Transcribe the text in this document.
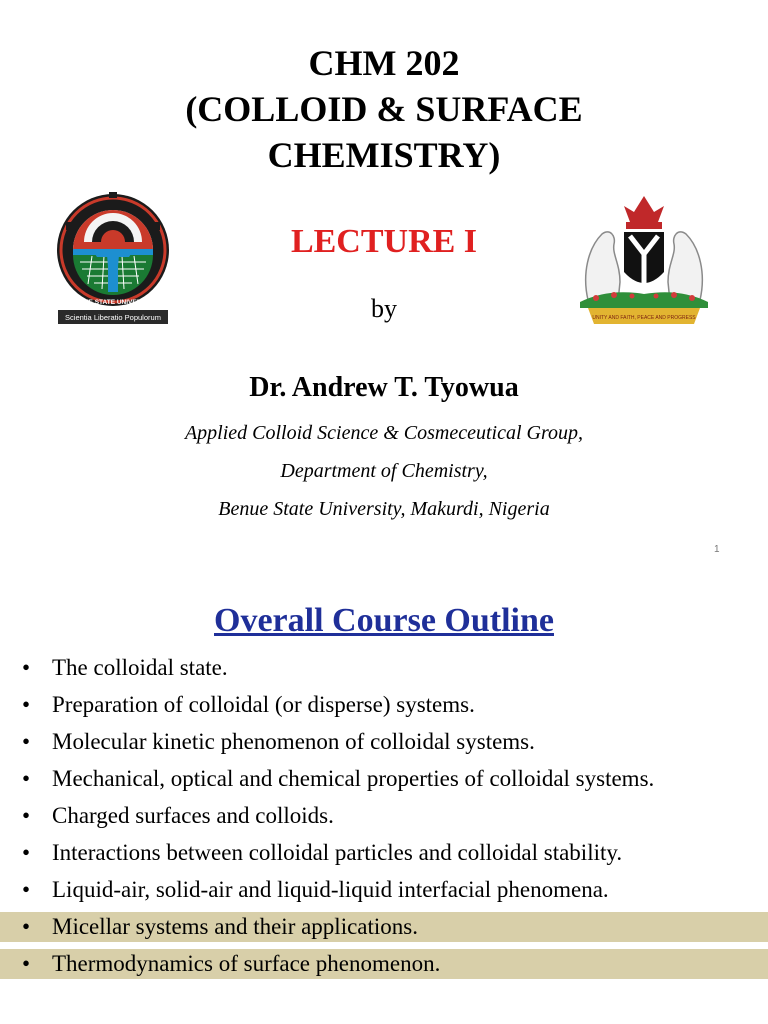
CHM 202
(COLLOID & SURFACE
CHEMISTRY)
Scientia Liberatio Populorum
BENUE STATE UNIVERSITY
UNITY AND FAITH, PEACE AND PROGRESS
LECTURE I
by
Dr. Andrew T. Tyowua
Applied Colloid Science & Cosmeceutical Group,
Department of Chemistry,
Benue State University, Makurdi, Nigeria
1
Overall Course Outline
• The colloidal state.
• Preparation of colloidal (or disperse) systems.
• Molecular kinetic phenomenon of colloidal systems.
• Mechanical, optical and chemical properties of colloidal systems.
• Charged surfaces and colloids.
• Interactions between colloidal particles and colloidal stability.
• Liquid-air, solid-air and liquid-liquid interfacial phenomena.
• Micellar systems and their applications.
• Thermodynamics of surface phenomenon.
